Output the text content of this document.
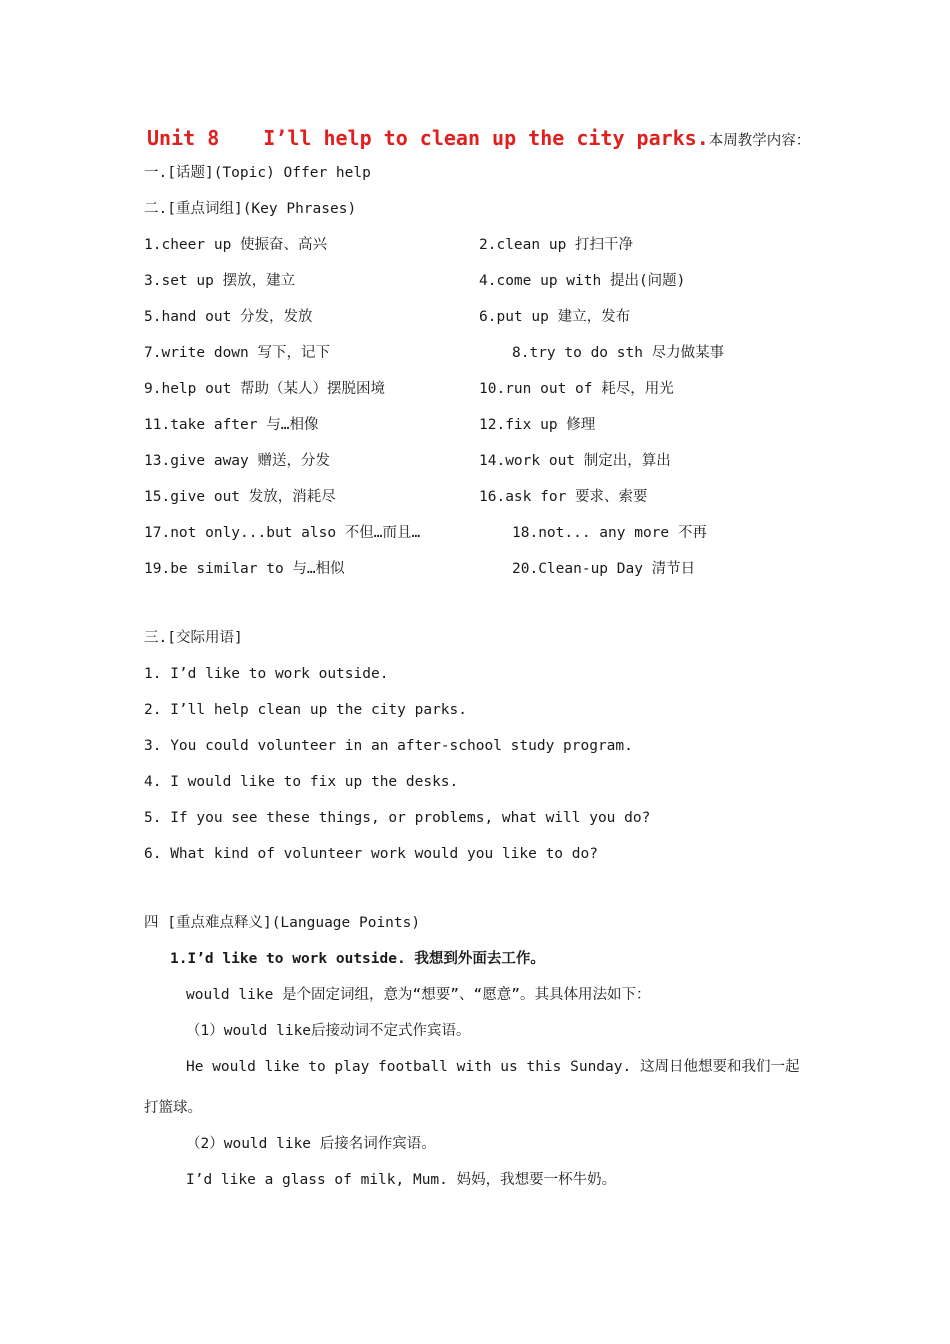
Unit 8 I’ll help to clean up the city parks.本周教学内容：
一.[话题](Topic) Offer help
二.[重点词组](Key Phrases)
1.cheer up 使振奋、高兴	2.clean up 打扫干净
3.set up 摆放，建立	4.come up with 提出(问题)
5.hand out 分发，发放	6.put up 建立，发布
7.write down 写下，记下	8.try to do sth 尽力做某事
9.help out 帮助（某人）摆脱困境	10.run out of 耗尽，用光
11.take after 与…相像	12.fix up 修理
13.give away 赠送，分发	14.work out 制定出，算出
15.give out 发放，消耗尽	16.ask for 要求、索要
17.not only...but also 不但…而且…	18.not... any more 不再
19.be similar to 与…相似	20.Clean-up Day 清节日
三.[交际用语]
1. I’d like to work outside.
2. I’ll help clean up the city parks.
3. You could volunteer in an after-school study program.
4. I would like to fix up the desks.
5. If you see these things, or problems, what will you do?
6. What kind of volunteer work would you like to do?
四 [重点难点释义](Language Points)
1.I’d like to work outside. 我想到外面去工作。
would like 是个固定词组，意为“想要”、“愿意”。其具体用法如下：
（1）would like后接动词不定式作宾语。
He would like to play football with us this Sunday. 这周日他想要和我们一起
打篮球。
（2）would like 后接名词作宾语。
I’d like a glass of milk, Mum. 妈妈，我想要一杯牛奶。
